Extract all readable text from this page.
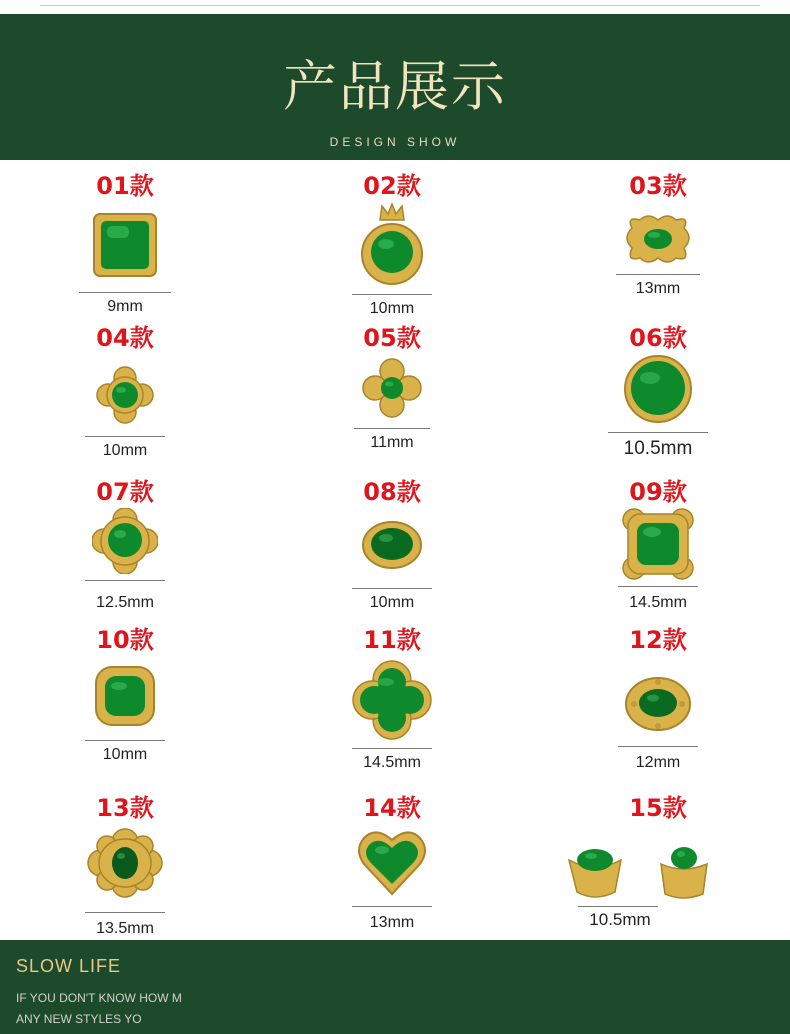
产品展示
DESIGN SHOW
01款
9mm
02款
10mm
03款
13mm
04款
10mm
05款
11mm
06款
10.5mm
07款
12.5mm
08款
10mm
09款
14.5mm
10款
10mm
11款
14.5mm
12款
12mm
13款
13.5mm
14款
13mm
15款
10.5mm
SLOW LIFE
IF YOU DON'T KNOW HOW M
ANY NEW STYLES YO
